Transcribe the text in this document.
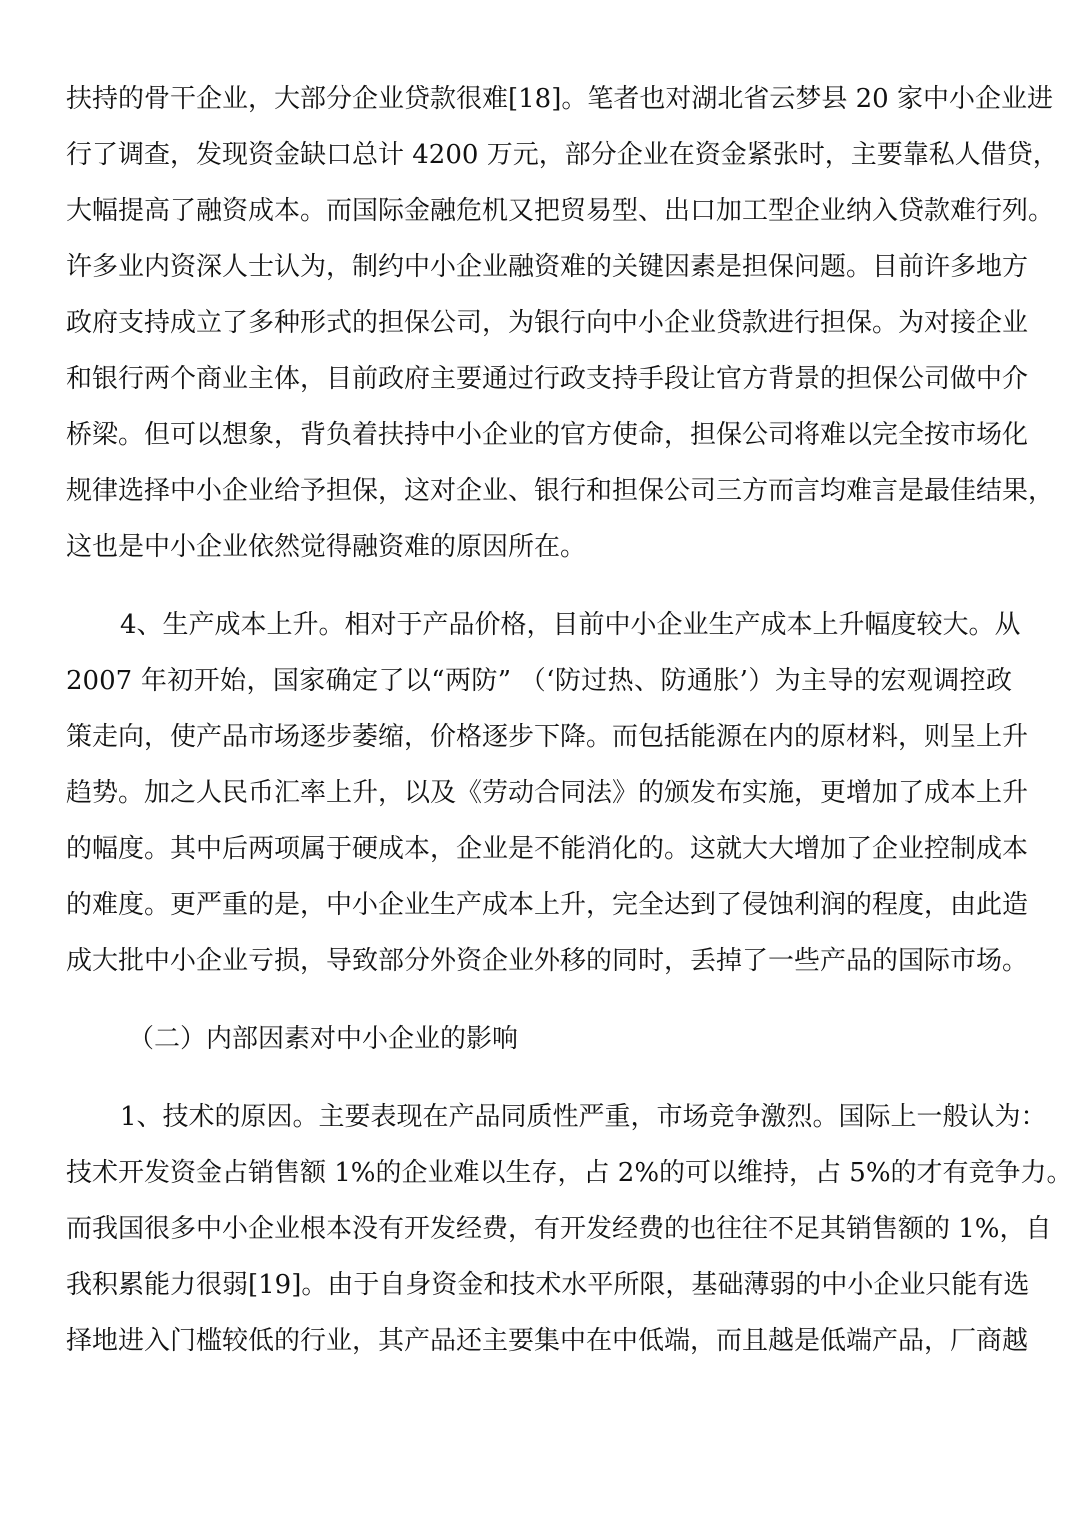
扶持的骨干企业，大部分企业贷款很难[18]。笔者也对湖北省云梦县 20 家中小企业进
行了调查，发现资金缺口总计 4200 万元，部分企业在资金紧张时，主要靠私人借贷，
大幅提高了融资成本。而国际金融危机又把贸易型、出口加工型企业纳入贷款难行列。
许多业内资深人士认为，制约中小企业融资难的关键因素是担保问题。目前许多地方
政府支持成立了多种形式的担保公司，为银行向中小企业贷款进行担保。为对接企业
和银行两个商业主体，目前政府主要通过行政支持手段让官方背景的担保公司做中介
桥梁。但可以想象，背负着扶持中小企业的官方使命，担保公司将难以完全按市场化
规律选择中小企业给予担保，这对企业、银行和担保公司三方而言均难言是最佳结果，
这也是中小企业依然觉得融资难的原因所在。
4、生产成本上升。相对于产品价格，目前中小企业生产成本上升幅度较大。从
2007 年初开始，国家确定了以“两防” （‘防过热、防通胀’）为主导的宏观调控政
策走向，使产品市场逐步萎缩，价格逐步下降。而包括能源在内的原材料，则呈上升
趋势。加之人民币汇率上升，以及《劳动合同法》的颁发布实施，更增加了成本上升
的幅度。其中后两项属于硬成本，企业是不能消化的。这就大大增加了企业控制成本
的难度。更严重的是，中小企业生产成本上升，完全达到了侵蚀利润的程度，由此造
成大批中小企业亏损，导致部分外资企业外移的同时，丢掉了一些产品的国际市场。
（二）内部因素对中小企业的影响
1、技术的原因。主要表现在产品同质性严重，市场竞争激烈。国际上一般认为：
技术开发资金占销售额 1%的企业难以生存，占 2%的可以维持，占 5%的才有竞争力。
而我国很多中小企业根本没有开发经费，有开发经费的也往往不足其销售额的 1%，自
我积累能力很弱[19]。由于自身资金和技术水平所限，基础薄弱的中小企业只能有选
择地进入门槛较低的行业，其产品还主要集中在中低端，而且越是低端产品，厂商越
